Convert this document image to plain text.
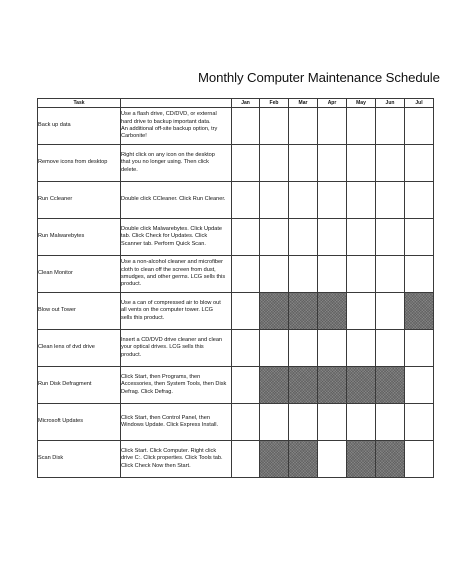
Monthly Computer Maintenance Schedule
Task		Jan	Feb	Mar	Apr	May	Jun	Jul
Back up data	Use a flash drive, CD/DVD, or external
hard drive to backup important data.
An additional off-site backup option, try
Carbonite!							

Remove icons from desktop	Right click on any icon on the desktop
that you no longer using. Then click
delete.							

Run Ccleaner	Double click CCleaner. Click Run Cleaner.							

Run Malwarebytes	Double click Malwarebytes. Click Update
tab. Click Check for Updates. Click
Scanner tab. Perform Quick Scan.							

Clean Monitor	Use a non-alcohol cleaner and microfiber
cloth to clean off the screen from dust,
smudges, and other germs. LCG sells this
product.							

Blow out Tower	Use a can of compressed air to blow out
all vents on the computer tower. LCG
sells this product.							

Clean lens of dvd drive	Insert a CD/DVD drive cleaner and clean
your optical drives. LCG sells this
product.							

Run Disk Defragment	Click Start, then Programs, then
Accessories, then System Tools, then Disk
Defrag. Click Defrag.							

Microsoft Updates	Click Start, then Control Panel, then
Windows Update. Click Express Install.							

Scan Disk	Click Start. Click Computer. Right click
drive C:. Click properties. Click Tools tab.
Click Check Now then Start.							
